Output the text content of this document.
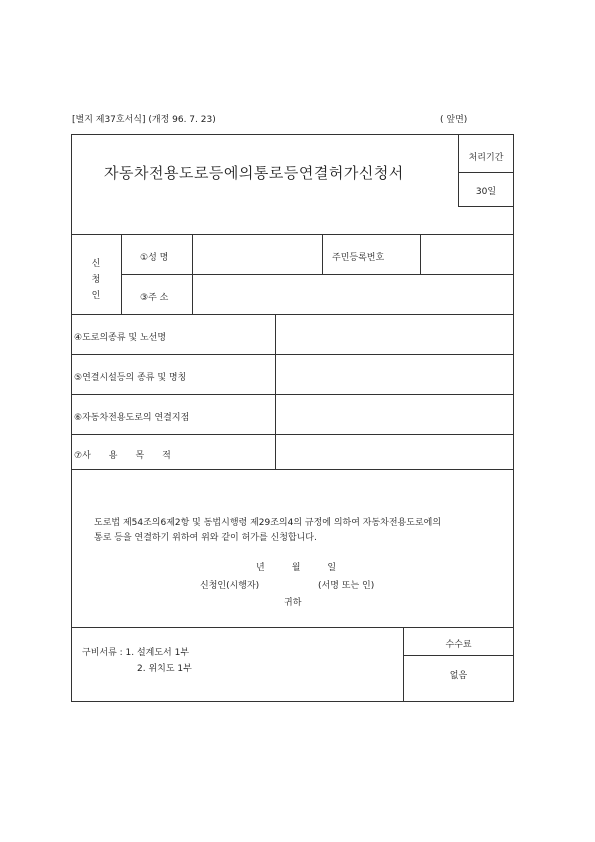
[별지 제37호서식] (개정 96. 7. 23)	( 앞면)
자동차전용도로등에의통로등연결허가신청서
처리기간
30일
신
청
인
①성 명	주민등록번호
③주 소
④도로의종류 및 노선명
⑤연결시설등의 종류 및 명칭
⑥자동차전용도로의 연결지점
⑦사　　용　　목　　적
도로법 제54조의6제2항 및 동법시행령 제29조의4의 규정에 의하여 자동차전용도로에의
통로 등을 연결하기 위하여 위와 같이 허가를 신청합니다.
년　　　월　　　일
신청인(시행자)	(서명 또는 인)
귀하
구비서류 : 1. 설계도서 1부
2. 위치도 1부
수수료
없음
